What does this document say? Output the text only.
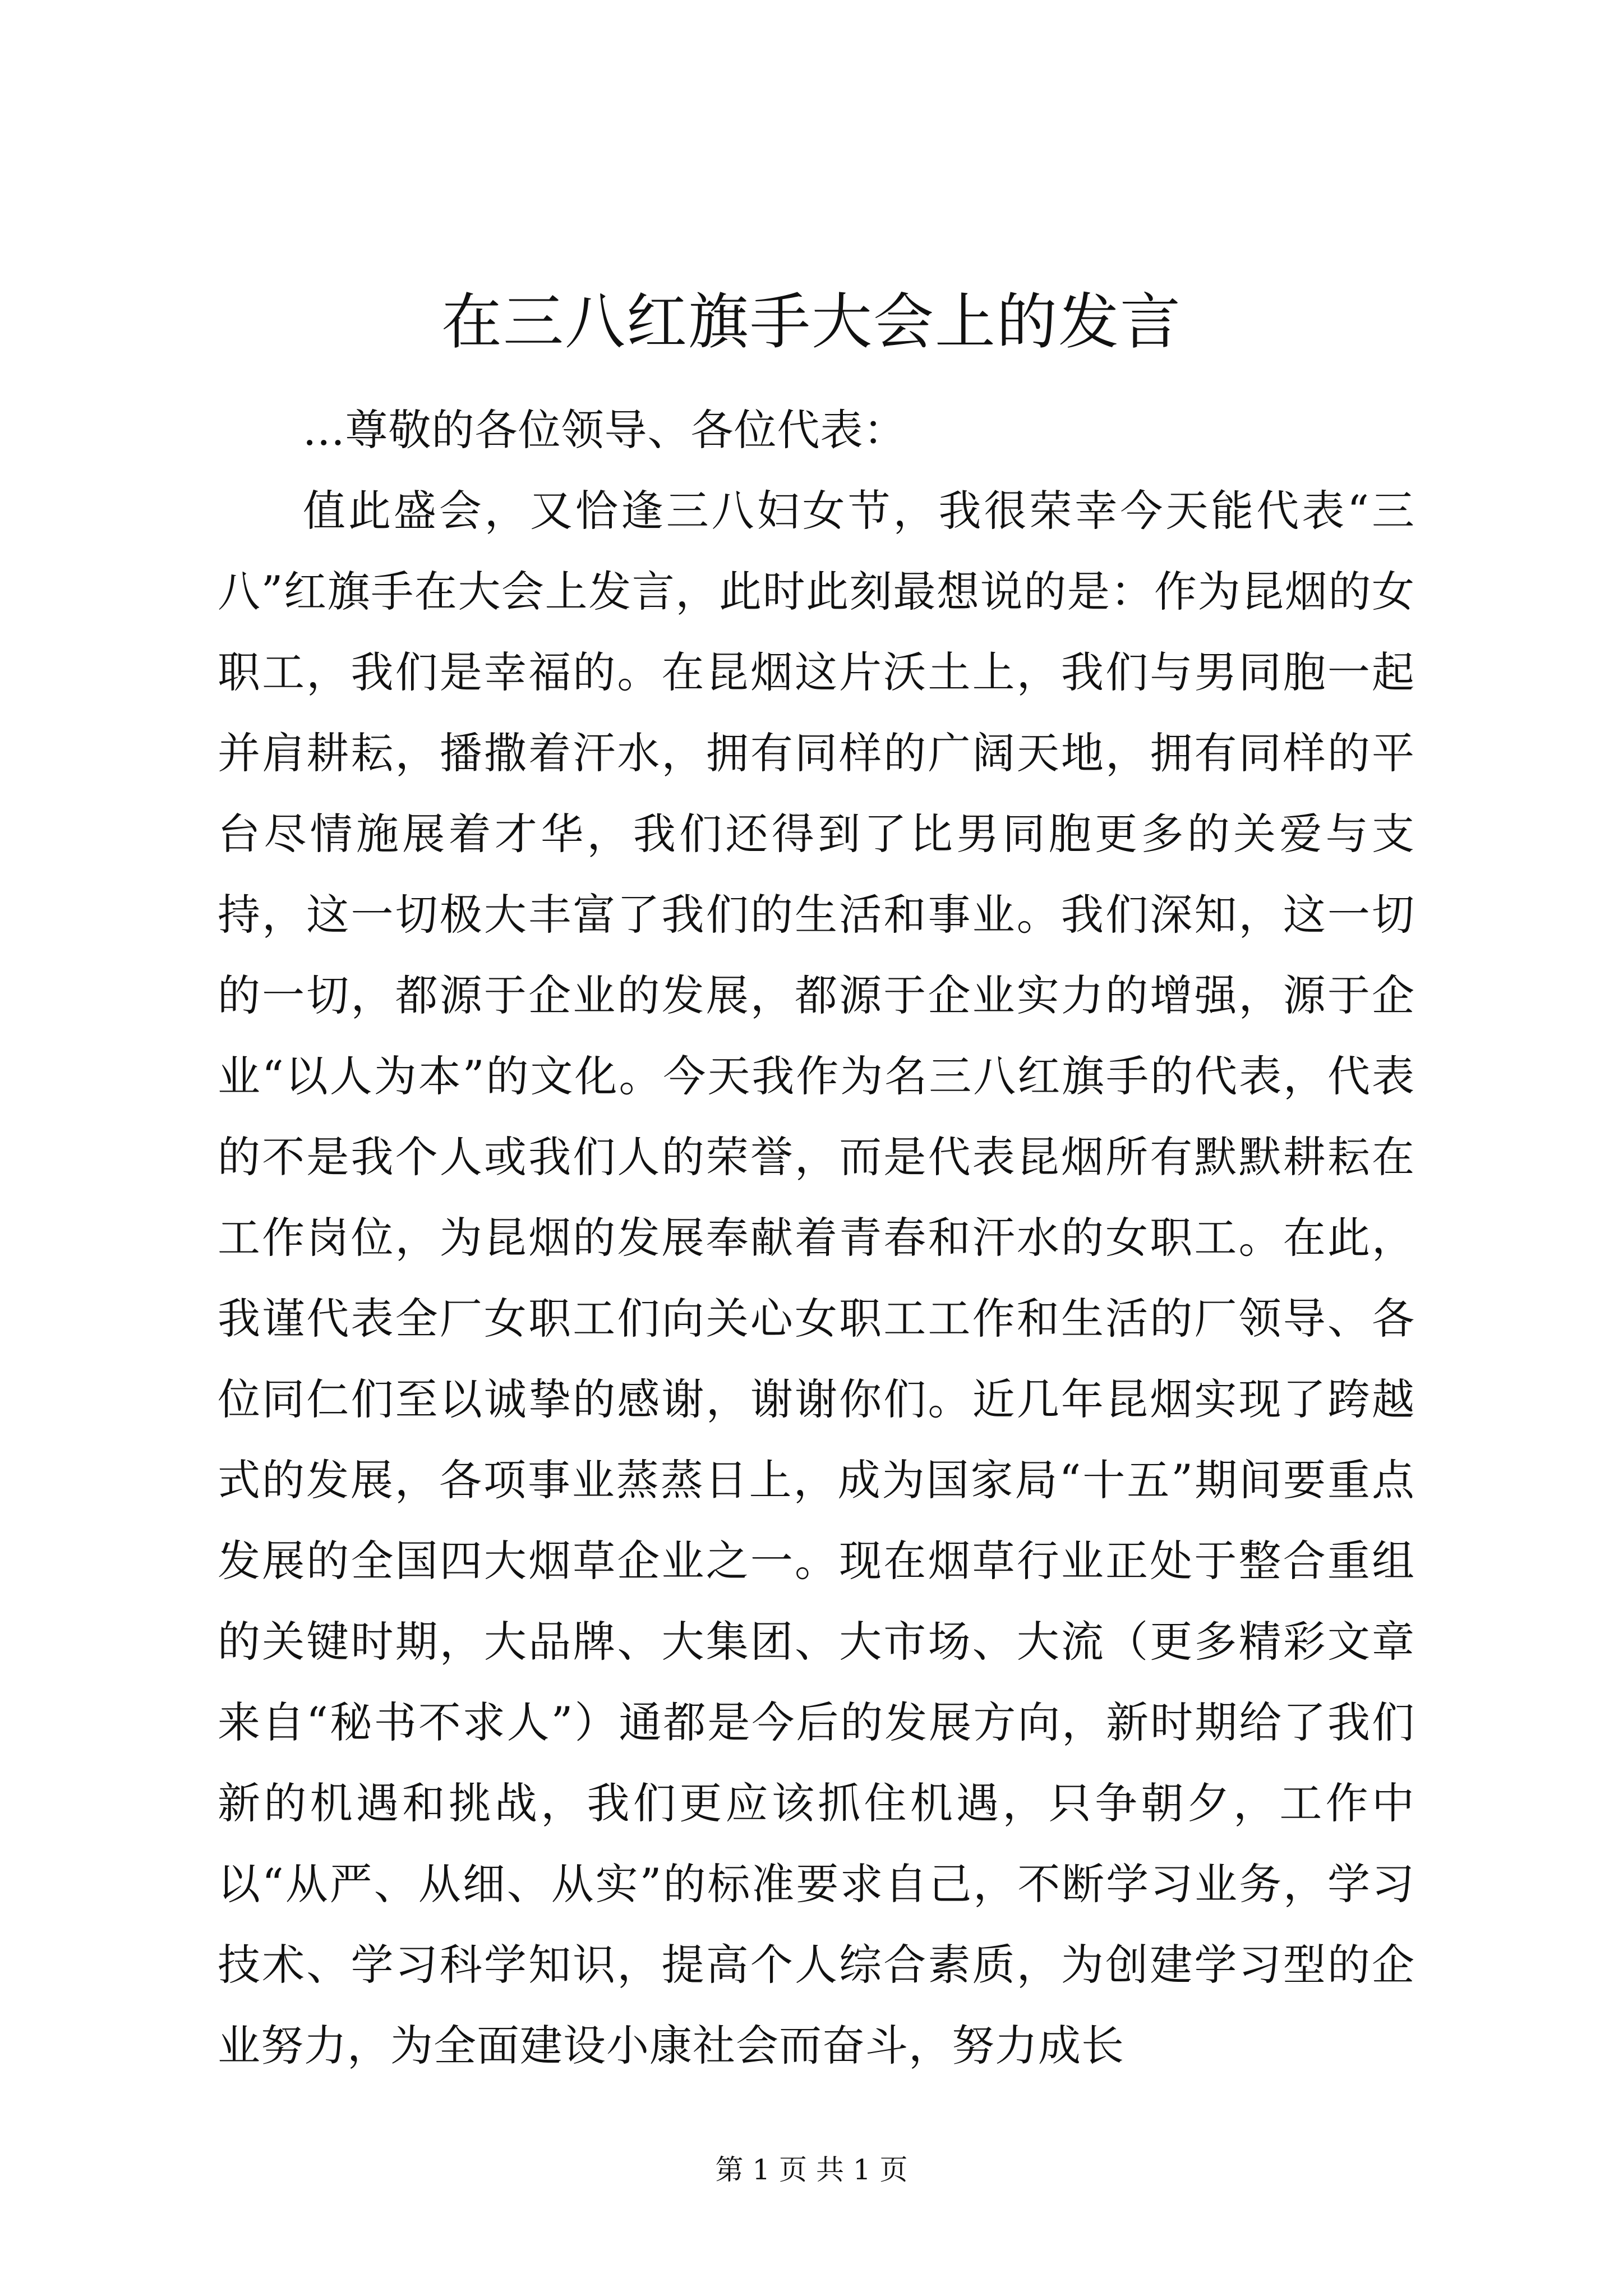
在三八红旗手大会上的发言

...尊敬的各位领导、各位代表：

值此盛会，又恰逢三八妇女节，我很荣幸今天能代表“三八”红旗手在大会上发言，此时此刻最想说的是：作为昆烟的女职工，我们是幸福的。在昆烟这片沃土上，我们与男同胞一起并肩耕耘，播撒着汗水，拥有同样的广阔天地，拥有同样的平台尽情施展着才华，我们还得到了比男同胞更多的关爱与支持，这一切极大丰富了我们的生活和事业。我们深知，这一切的一切，都源于企业的发展，都源于企业实力的增强，源于企业“以人为本”的文化。今天我作为名三八红旗手的代表，代表的不是我个人或我们人的荣誉，而是代表昆烟所有默默耕耘在工作岗位，为昆烟的发展奉献着青春和汗水的女职工。在此，我谨代表全厂女职工们向关心女职工工作和生活的厂领导、各位同仁们至以诚挚的感谢，谢谢你们。近几年昆烟实现了跨越式的发展，各项事业蒸蒸日上，成为国家局“十五”期间要重点发展的全国四大烟草企业之一。现在烟草行业正处于整合重组的关键时期，大品牌、大集团、大市场、大流（更多精彩文章来自“秘书不求人”）通都是今后的发展方向，新时期给了我们新的机遇和挑战，我们更应该抓住机遇，只争朝夕，工作中以“从严、从细、从实”的标准要求自己，不断学习业务，学习技术、学习科学知识，提高个人综合素质，为创建学习型的企业努力，为全面建设小康社会而奋斗，努力成长

第 1 页 共 1 页
